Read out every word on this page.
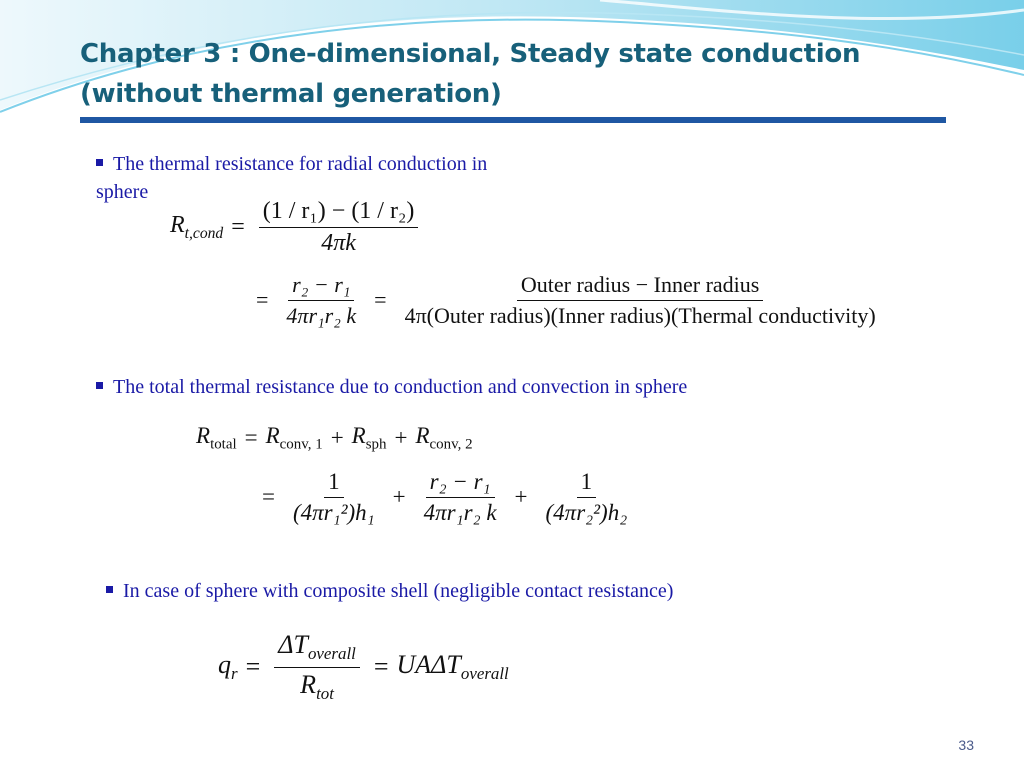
Chapter 3 : One-dimensional, Steady state conduction
(without thermal generation)
The thermal resistance for radial conduction in
sphere
$R_{t,cond} = \frac{\text{(1 / r₁) − (1 / r₂)}}{4\pi k}$
= $\frac{\text{r₂ − r₁}}{\text{4πr₁r₂ k}} = \frac{\text{Outer radius − Inner radius}}{\text{4π(Outer radius)(Inner radius)(Thermal conductivity)}}$
The total thermal resistance due to conduction and convection in sphere
$R_{total} = R_{conv, 1} + R_{sph} + R_{conv, 2}$
= $\frac{1}{\text{(4πr₁²)h₁}} + \frac{\text{r₂ − r₁}}{\text{4πr₁r₂ k}} + \frac{1}{\text{(4πr₂²)h₂}}$
In case of sphere with composite shell (negligible contact resistance)
$q_r = \frac{\Delta T_{overall}}{R_{tot}} = UA\Delta T_{overall}$
33
